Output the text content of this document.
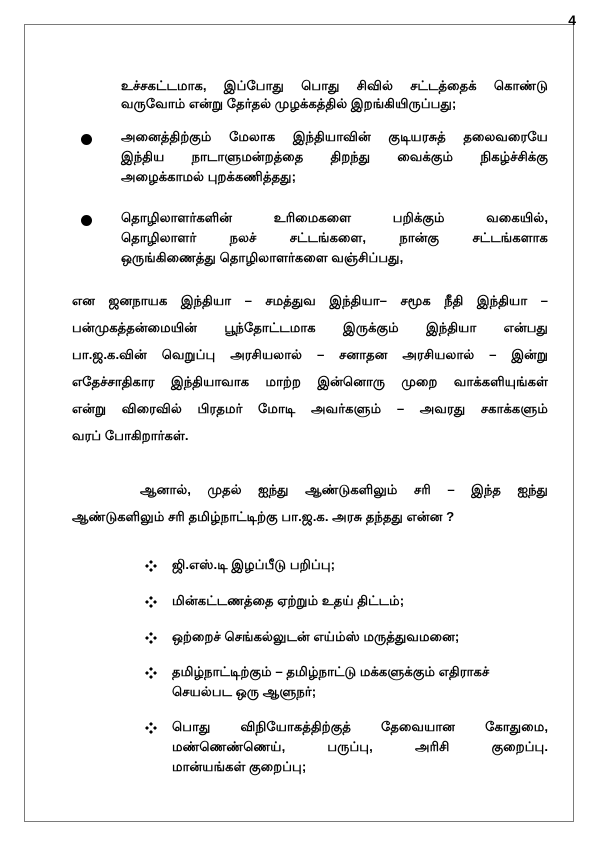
4
உச்சகட்டமாக, இப்போது பொது சிவில் சட்டத்தைக் கொண்டு
வருவோம் என்று தேர்தல் முழக்கத்தில் இறங்கியிருப்பது;
அனைத்திற்கும் மேலாக இந்தியாவின் குடியரசுத் தலைவரையே
இந்திய நாடாளுமன்றத்தை திறந்து வைக்கும் நிகழ்ச்சிக்கு
அழைக்காமல் புறக்கணித்தது;
தொழிலாளர்களின் உரிமைகளை பறிக்கும் வகையில்,
தொழிலாளர் நலச் சட்டங்களை, நான்கு சட்டங்களாக
ஒருங்கிணைத்து தொழிலாளர்களை வஞ்சிப்பது,
என ஜனநாயக இந்தியா – சமத்துவ இந்தியா– சமூக நீதி இந்தியா –
பன்முகத்தன்மையின் பூந்தோட்டமாக இருக்கும் இந்தியா என்பது
பா.ஜ.க.வின் வெறுப்பு அரசியலால் – சனாதன அரசியலால் – இன்று
எதேச்சாதிகார இந்தியாவாக மாற்ற இன்னொரு முறை வாக்களியுங்கள்
என்று விரைவில் பிரதமர் மோடி அவர்களும் – அவரது சகாக்களும்
வரப் போகிறார்கள்.
ஆனால், முதல் ஐந்து ஆண்டுகளிலும் சரி – இந்த ஐந்து
ஆண்டுகளிலும் சரி தமிழ்நாட்டிற்கு பா.ஜ.க. அரசு தந்தது என்ன ?
ஜி.எஸ்.டி இழப்பீடு பறிப்பு;
மின்கட்டணத்தை ஏற்றும் உதய் திட்டம்;
ஒற்றைச் செங்கல்லுடன் எய்ம்ஸ் மருத்துவமனை;
தமிழ்நாட்டிற்கும் – தமிழ்நாட்டு மக்களுக்கும் எதிராகச்
செயல்பட ஒரு ஆளுநர்;
பொது விநியோகத்திற்குத் தேவையான கோதுமை,
மண்ணெண்ணெய், பருப்பு, அரிசி குறைப்பு.
மான்யங்கள் குறைப்பு;
